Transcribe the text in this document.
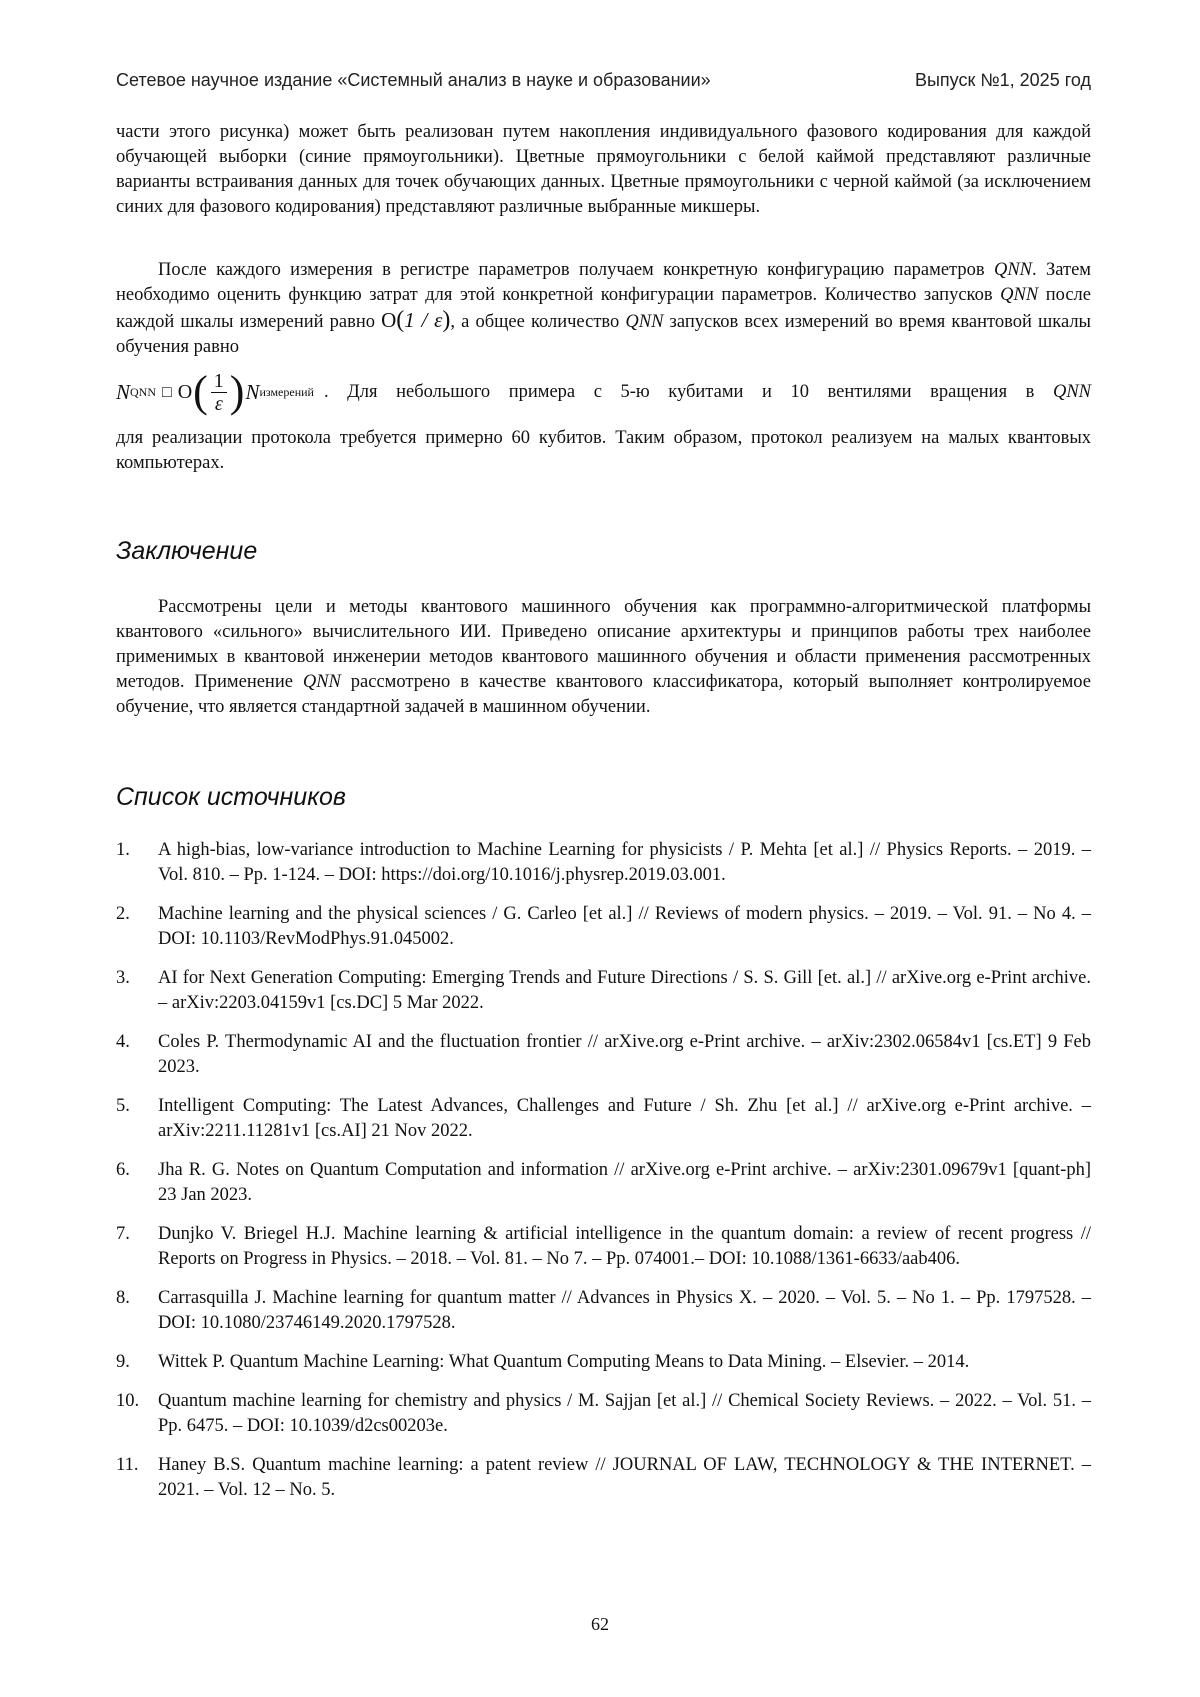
Сетевое научное издание «Системный анализ в науке и образовании»	Выпуск №1, 2025 год
части этого рисунка) может быть реализован путем накопления индивидуального фазового кодирования для каждой обучающей выборки (синие прямоугольники). Цветные прямоугольники с белой каймой представляют различные варианты встраивания данных для точек обучающих данных. Цветные прямоугольники с черной каймой (за исключением синих для фазового кодирования) представляют различные выбранные микшеры.
После каждого измерения в регистре параметров получаем конкретную конфигурацию параметров QNN. Затем необходимо оценить функцию затрат для этой конкретной конфигурации параметров. Количество запусков QNN после каждой шкалы измерений равно O(1 / ε), а общее количество QNN запусков всех измерений во время квантовой шкалы обучения равно
N QNN □ O ( $\frac{1}{\varepsilon}$ ) N измерений . Для небольшого примера с 5-ю кубитами и 10 вентилями вращения в QNN
для реализации протокола требуется примерно 60 кубитов. Таким образом, протокол реализуем на малых квантовых компьютерах.
Заключение
Рассмотрены цели и методы квантового машинного обучения как программно-алгоритмической платформы квантового «сильного» вычислительного ИИ. Приведено описание архитектуры и принципов работы трех наиболее применимых в квантовой инженерии методов квантового машинного обучения и области применения рассмотренных методов. Применение QNN рассмотрено в качестве квантового классификатора, который выполняет контролируемое обучение, что является стандартной задачей в машинном обучении.
Список источников
1.	A high-bias, low-variance introduction to Machine Learning for physicists / P. Mehta [et al.] // Physics Reports. – 2019. – Vol. 810. – Pp. 1-124. – DOI: https://doi.org/10.1016/j.physrep.2019.03.001.
2.	Machine learning and the physical sciences / G. Carleo [et al.] // Reviews of modern physics. – 2019. – Vol. 91. – No 4. – DOI: 10.1103/RevModPhys.91.045002.
3.	AI for Next Generation Computing: Emerging Trends and Future Directions / S. S. Gill [et. al.] // arXive.org e-Print archive. – arXiv:2203.04159v1 [cs.DC] 5 Mar 2022.
4.	Coles P. Thermodynamic AI and the fluctuation frontier // arXive.org e-Print archive. – arXiv:2302.06584v1 [cs.ET] 9 Feb 2023.
5.	Intelligent Computing: The Latest Advances, Challenges and Future / Sh. Zhu [et al.] // arXive.org e-Print archive. – arXiv:2211.11281v1 [cs.AI] 21 Nov 2022.
6.	Jha R. G. Notes on Quantum Computation and information // arXive.org e-Print archive. – arXiv:2301.09679v1 [quant-ph] 23 Jan 2023.
7.	Dunjko V. Briegel H.J. Machine learning & artificial intelligence in the quantum domain: a review of recent progress // Reports on Progress in Physics. – 2018. – Vol. 81. – No 7. – Pp. 074001.– DOI: 10.1088/1361-6633/aab406.
8.	Carrasquilla J. Machine learning for quantum matter // Advances in Physics X. – 2020. – Vol. 5. – No 1. – Pp. 1797528. – DOI: 10.1080/23746149.2020.1797528.
9.	Wittek P. Quantum Machine Learning: What Quantum Computing Means to Data Mining. – Elsevier. – 2014.
10.	Quantum machine learning for chemistry and physics / M. Sajjan [et al.] // Chemical Society Reviews. – 2022. – Vol. 51. – Pp. 6475. – DOI: 10.1039/d2cs00203e.
11.	Haney B.S. Quantum machine learning: a patent review // JOURNAL OF LAW, TECHNOLOGY & THE INTERNET. – 2021. – Vol. 12 – No. 5.
62
